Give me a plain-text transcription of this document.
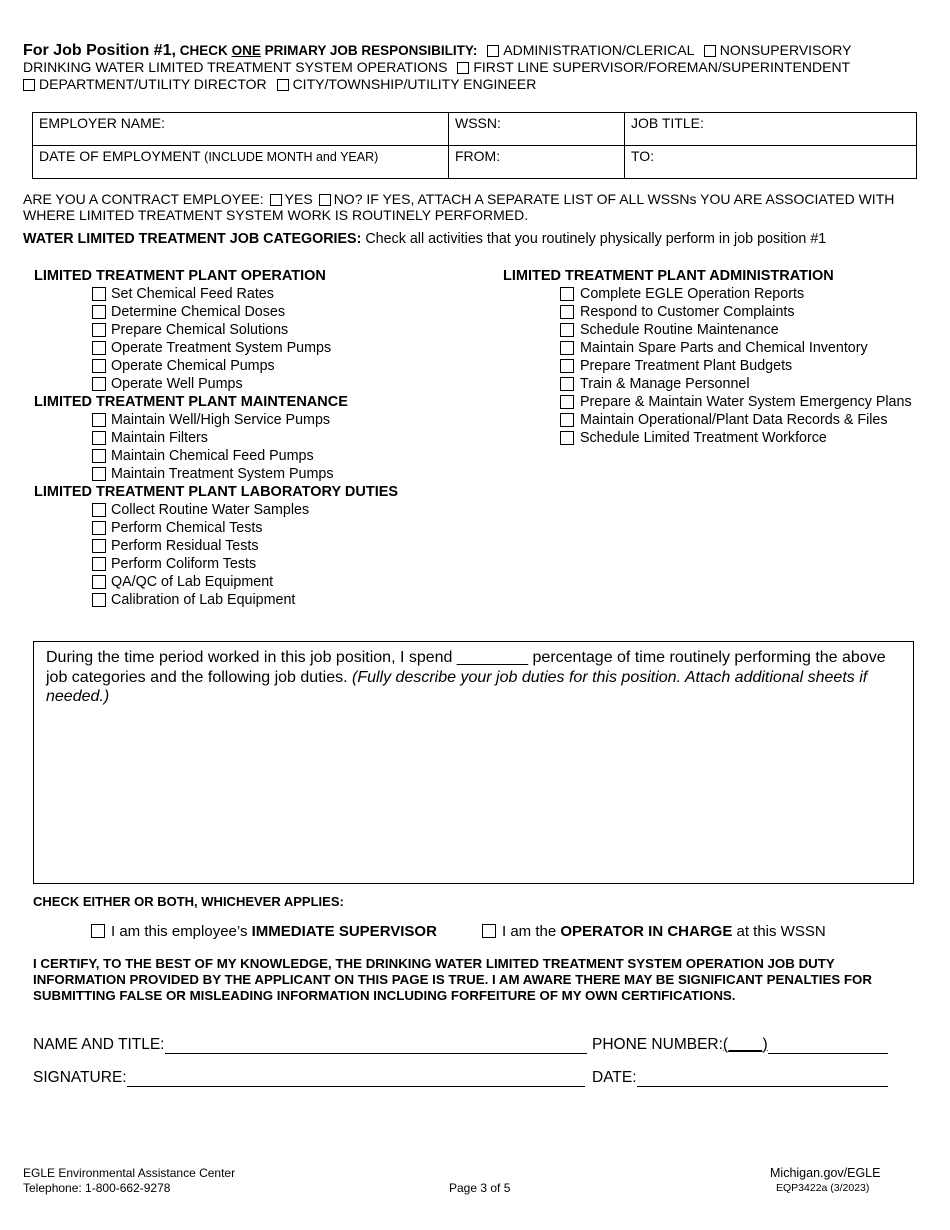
For Job Position #1, CHECK ONE PRIMARY JOB RESPONSIBILITY: ADMINISTRATION/CLERICAL NONSUPERVISORY DRINKING WATER LIMITED TREATMENT SYSTEM OPERATIONS FIRST LINE SUPERVISOR/FOREMAN/SUPERINTENDENT
DEPARTMENT/UTILITY DIRECTOR CITY/TOWNSHIP/UTILITY ENGINEER
EMPLOYER NAME:	WSSN:	JOB TITLE:
DATE OF EMPLOYMENT (INCLUDE MONTH and YEAR)	FROM:	TO:
ARE YOU A CONTRACT EMPLOYEE: YES NO? IF YES, ATTACH A SEPARATE LIST OF ALL WSSNs YOU ARE ASSOCIATED WITH WHERE LIMITED TREATMENT SYSTEM WORK IS ROUTINELY PERFORMED.
WATER LIMITED TREATMENT JOB CATEGORIES: Check all activities that you routinely physically perform in job position #1
LIMITED TREATMENT PLANT OPERATION
Set Chemical Feed Rates
Determine Chemical Doses
Prepare Chemical Solutions
Operate Treatment System Pumps
Operate Chemical Pumps
Operate Well Pumps
LIMITED TREATMENT PLANT MAINTENANCE
Maintain Well/High Service Pumps
Maintain Filters
Maintain Chemical Feed Pumps
Maintain Treatment System Pumps
LIMITED TREATMENT PLANT LABORATORY DUTIES
Collect Routine Water Samples
Perform Chemical Tests
Perform Residual Tests
Perform Coliform Tests
QA/QC of Lab Equipment
Calibration of Lab Equipment
LIMITED TREATMENT PLANT ADMINISTRATION
Complete EGLE Operation Reports
Respond to Customer Complaints
Schedule Routine Maintenance
Maintain Spare Parts and Chemical Inventory
Prepare Treatment Plant Budgets
Train & Manage Personnel
Prepare & Maintain Water System Emergency Plans
Maintain Operational/Plant Data Records & Files
Schedule Limited Treatment Workforce
During the time period worked in this job position, I spend ________ percentage of time routinely performing the above job categories and the following job duties. (Fully describe your job duties for this position. Attach additional sheets if needed.)
CHECK EITHER OR BOTH, WHICHEVER APPLIES:
I am this employee’s IMMEDIATE SUPERVISOR	I am the OPERATOR IN CHARGE at this WSSN
I CERTIFY, TO THE BEST OF MY KNOWLEDGE, THE DRINKING WATER LIMITED TREATMENT SYSTEM OPERATION JOB DUTY INFORMATION PROVIDED BY THE APPLICANT ON THIS PAGE IS TRUE. I AM AWARE THERE MAY BE SIGNIFICANT PENALTIES FOR SUBMITTING FALSE OR MISLEADING INFORMATION INCLUDING FORFEITURE OF MY OWN CERTIFICATIONS.
NAME AND TITLE:	PHONE NUMBER:(____)
SIGNATURE:	DATE:
EGLE Environmental Assistance Center
Telephone: 1-800-662-9278	Page 3 of 5
Michigan.gov/EGLE
EQP3422a (3/2023)
